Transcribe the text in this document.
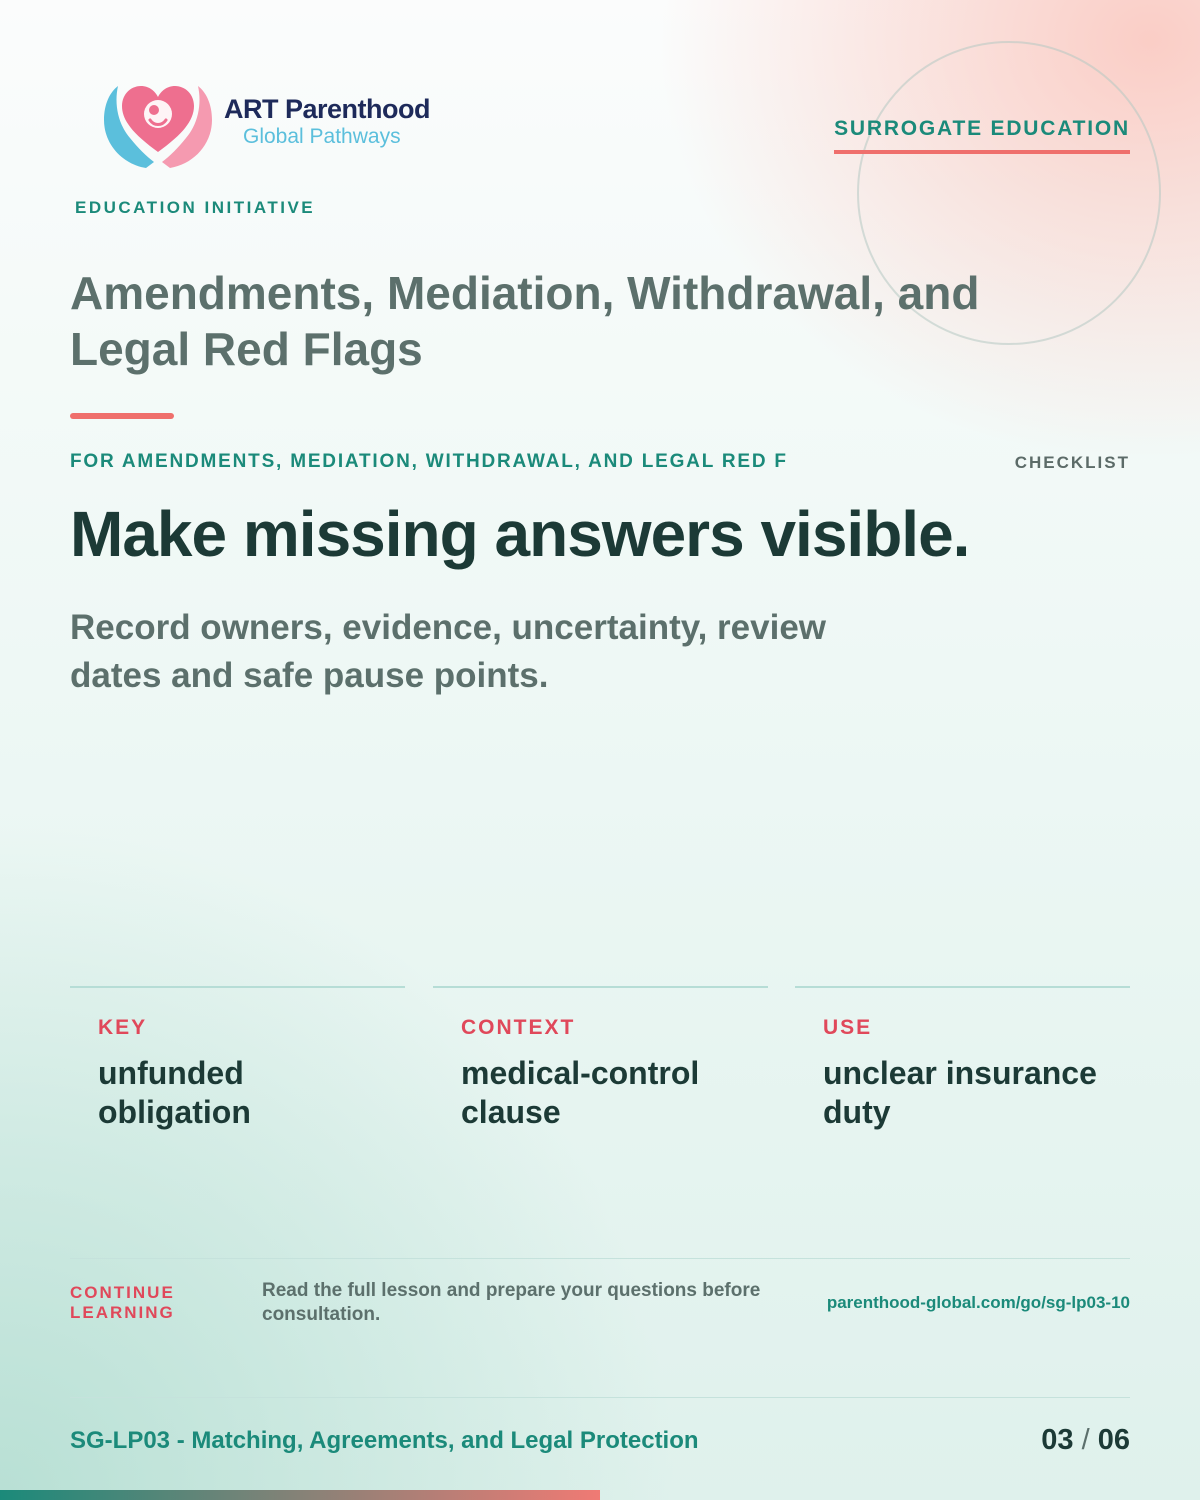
ART Parenthood
Global Pathways
EDUCATION INITIATIVE
SURROGATE EDUCATION
Amendments, Mediation, Withdrawal, and Legal Red Flags
FOR AMENDMENTS, MEDIATION, WITHDRAWAL, AND LEGAL RED F	CHECKLIST
Make missing answers visible.

Record owners, evidence, uncertainty, review dates and safe pause points.

KEY
unfunded obligation
CONTEXT
medical-control clause
USE
unclear insurance duty
CONTINUE LEARNING
Read the full lesson and prepare your questions before consultation.
parenthood-global.com/go/sg-lp03-10
SG-LP03 - Matching, Agreements, and Legal Protection	03 / 06
